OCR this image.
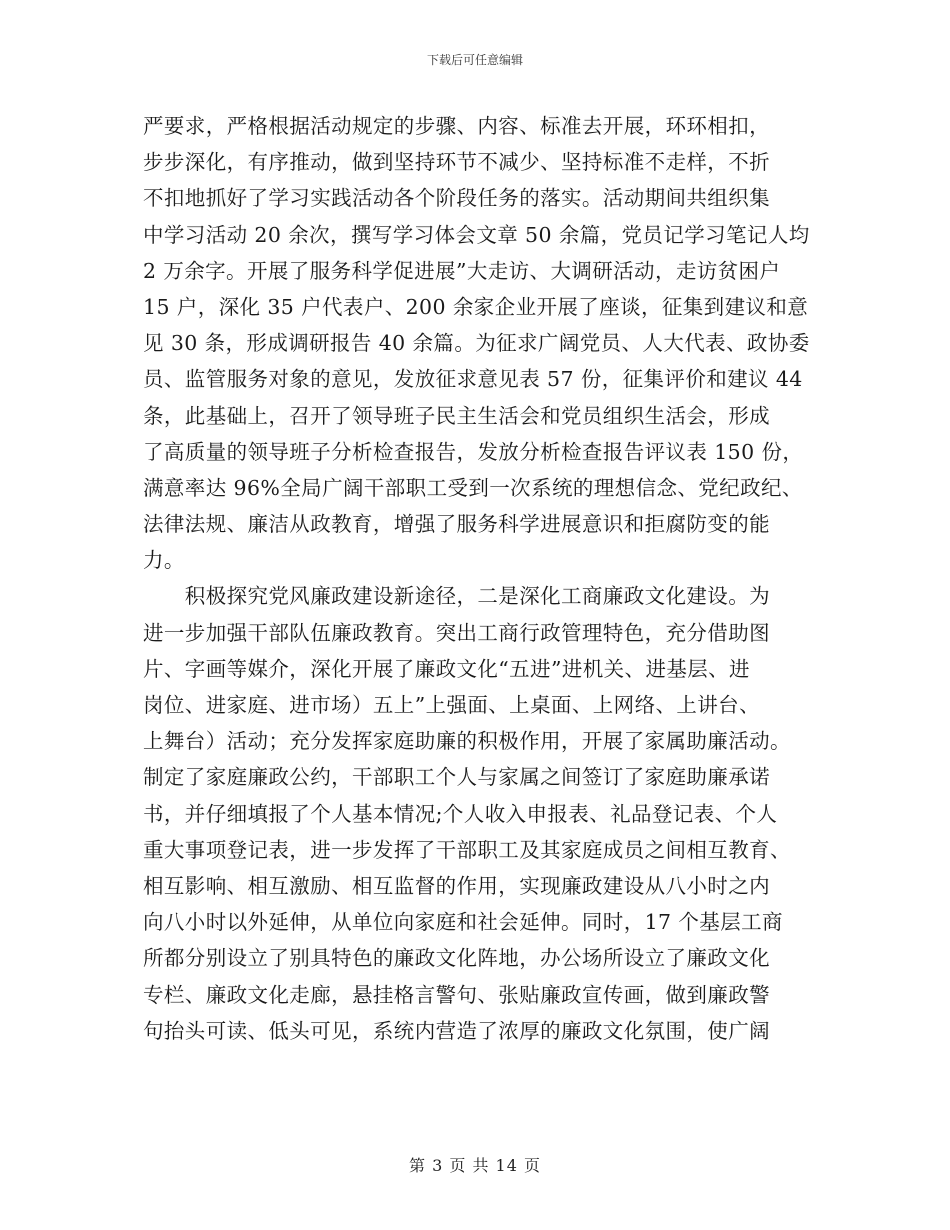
下载后可任意编辑
严要求，严格根据活动规定的步骤、内容、标准去开展，环环相扣，
步步深化，有序推动，做到坚持环节不减少、坚持标准不走样，不折
不扣地抓好了学习实践活动各个阶段任务的落实。活动期间共组织集
中学习活动 20 余次，撰写学习体会文章 50 余篇，党员记学习笔记人均
2 万余字。开展了服务科学促进展”大走访、大调研活动，走访贫困户
15 户，深化 35 户代表户、200 余家企业开展了座谈，征集到建议和意
见 30 条，形成调研报告 40 余篇。为征求广阔党员、人大代表、政协委
员、监管服务对象的意见，发放征求意见表 57 份，征集评价和建议 44
条，此基础上，召开了领导班子民主生活会和党员组织生活会，形成
了高质量的领导班子分析检查报告，发放分析检查报告评议表 150 份，
满意率达 96%全局广阔干部职工受到一次系统的理想信念、党纪政纪、
法律法规、廉洁从政教育，增强了服务科学进展意识和拒腐防变的能
力。
　　积极探究党风廉政建设新途径，二是深化工商廉政文化建设。为
进一步加强干部队伍廉政教育。突出工商行政管理特色，充分借助图
片、字画等媒介，深化开展了廉政文化“五进”进机关、进基层、进
岗位、进家庭、进市场）五上”上强面、上桌面、上网络、上讲台、
上舞台）活动；充分发挥家庭助廉的积极作用，开展了家属助廉活动。
制定了家庭廉政公约，干部职工个人与家属之间签订了家庭助廉承诺
书，并仔细填报了个人基本情况;个人收入申报表、礼品登记表、个人
重大事项登记表，进一步发挥了干部职工及其家庭成员之间相互教育、
相互影响、相互激励、相互监督的作用，实现廉政建设从八小时之内
向八小时以外延伸，从单位向家庭和社会延伸。同时，17 个基层工商
所都分别设立了别具特色的廉政文化阵地，办公场所设立了廉政文化
专栏、廉政文化走廊，悬挂格言警句、张贴廉政宣传画，做到廉政警
句抬头可读、低头可见，系统内营造了浓厚的廉政文化氛围，使广阔
第 3 页 共 14 页
